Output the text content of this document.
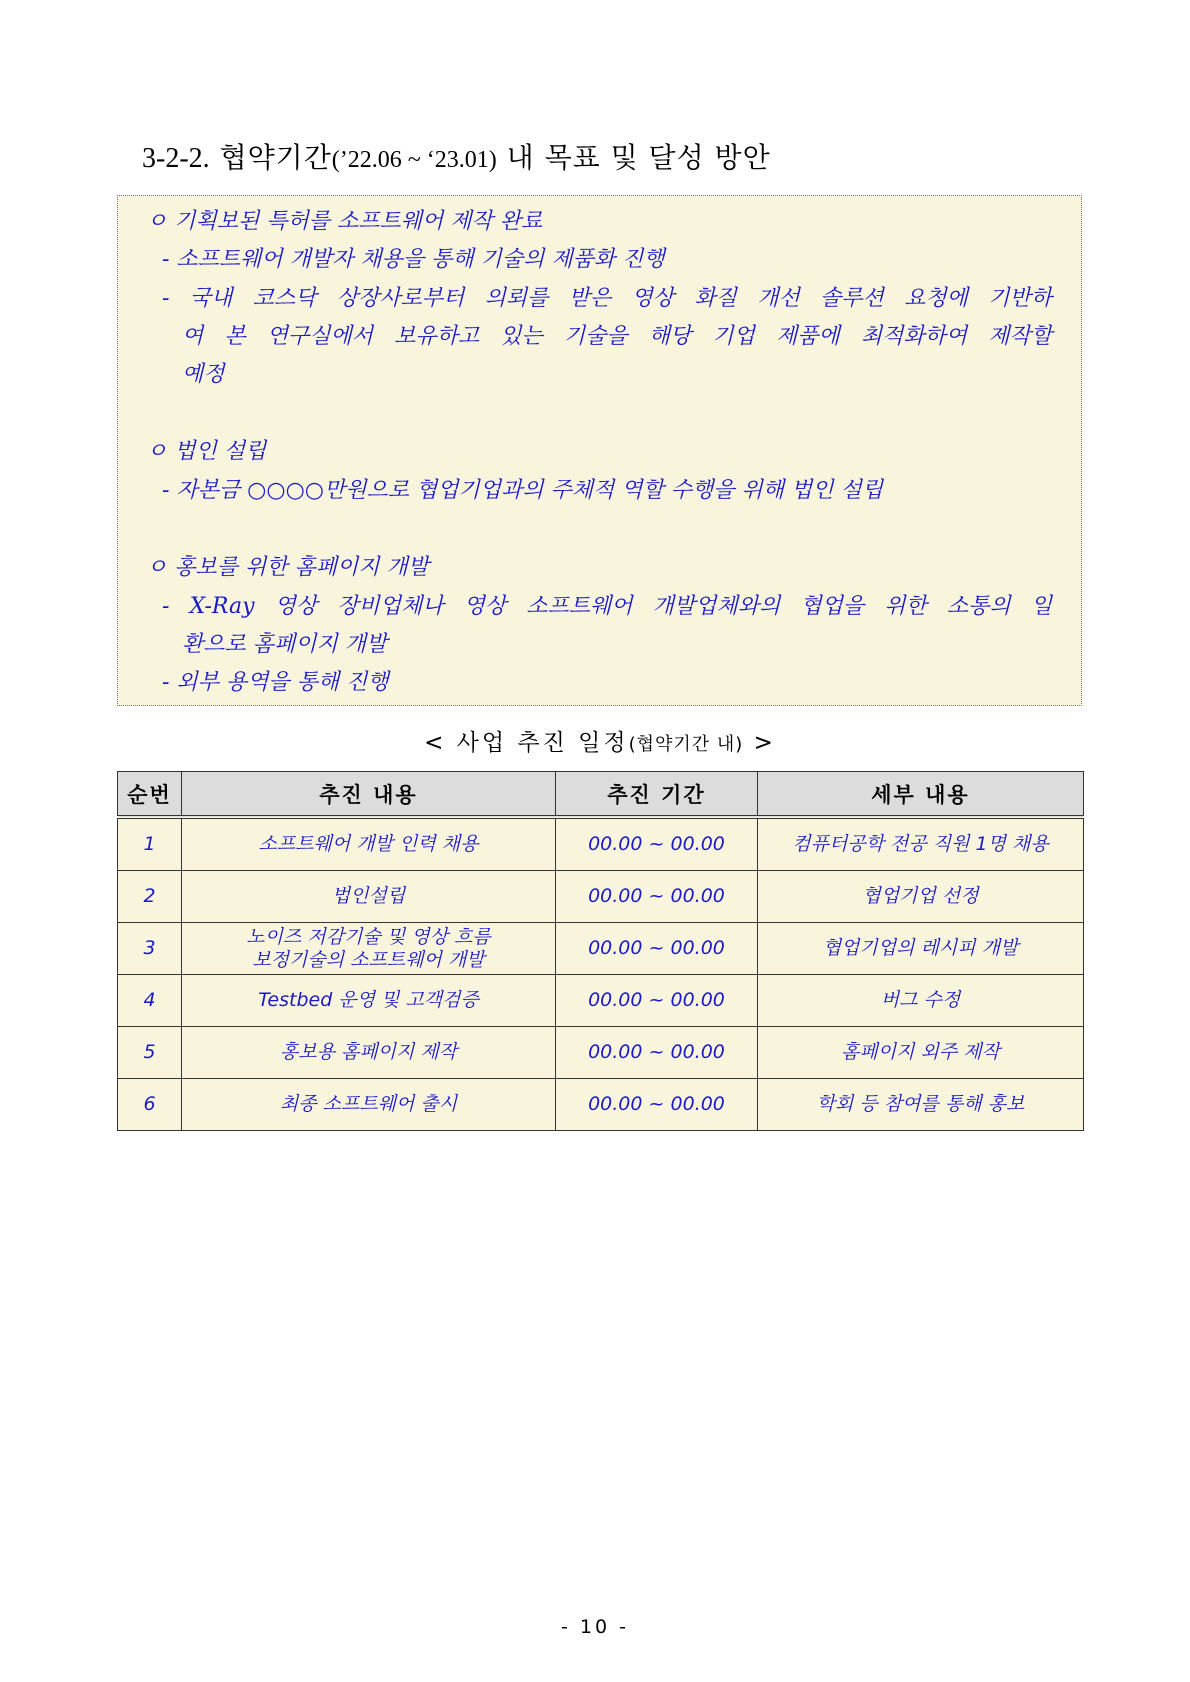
3-2-2. 협약기간(’22.06 ~ ‘23.01) 내 목표 및 달성 방안

ㅇ 기획보된 특허를 소프트웨어 제작 완료

- 소프트웨어 개발자 채용을 통해 기술의 제품화 진행

- 국내 코스닥 상장사로부터 의뢰를 받은 영상 화질 개선 솔루션 요청에 기반하

여 본 연구실에서 보유하고 있는 기술을 해당 기업 제품에 최적화하여 제작할

예정

ㅇ 법인 설립

- 자본금 ○○○○만원으로 협업기업과의 주체적 역할 수행을 위해 법인 설립

ㅇ 홍보를 위한 홈페이지 개발

- X-Ray 영상 장비업체나 영상 소프트웨어 개발업체와의 협업을 위한 소통의 일

환으로 홈페이지 개발

- 외부 용역을 통해 진행

< 사업 추진 일정(협약기간 내) >
순번	추진 내용	추진 기간	세부 내용
1	소프트웨어 개발 인력 채용	00.00 ~ 00.00	컴퓨터공학 전공 직원 1명 채용
2	법인설립	00.00 ~ 00.00	협업기업 선정
3	노이즈 저감기술 및 영상 흐름
보정기술의 소프트웨어 개발	00.00 ~ 00.00	협업기업의 레시피 개발
4	Testbed 운영 및 고객검증	00.00 ~ 00.00	버그 수정
5	홍보용 홈페이지 제작	00.00 ~ 00.00	홈페이지 외주 제작
6	최종 소프트웨어 출시	00.00 ~ 00.00	학회 등 참여를 통해 홍보
- 10 -
